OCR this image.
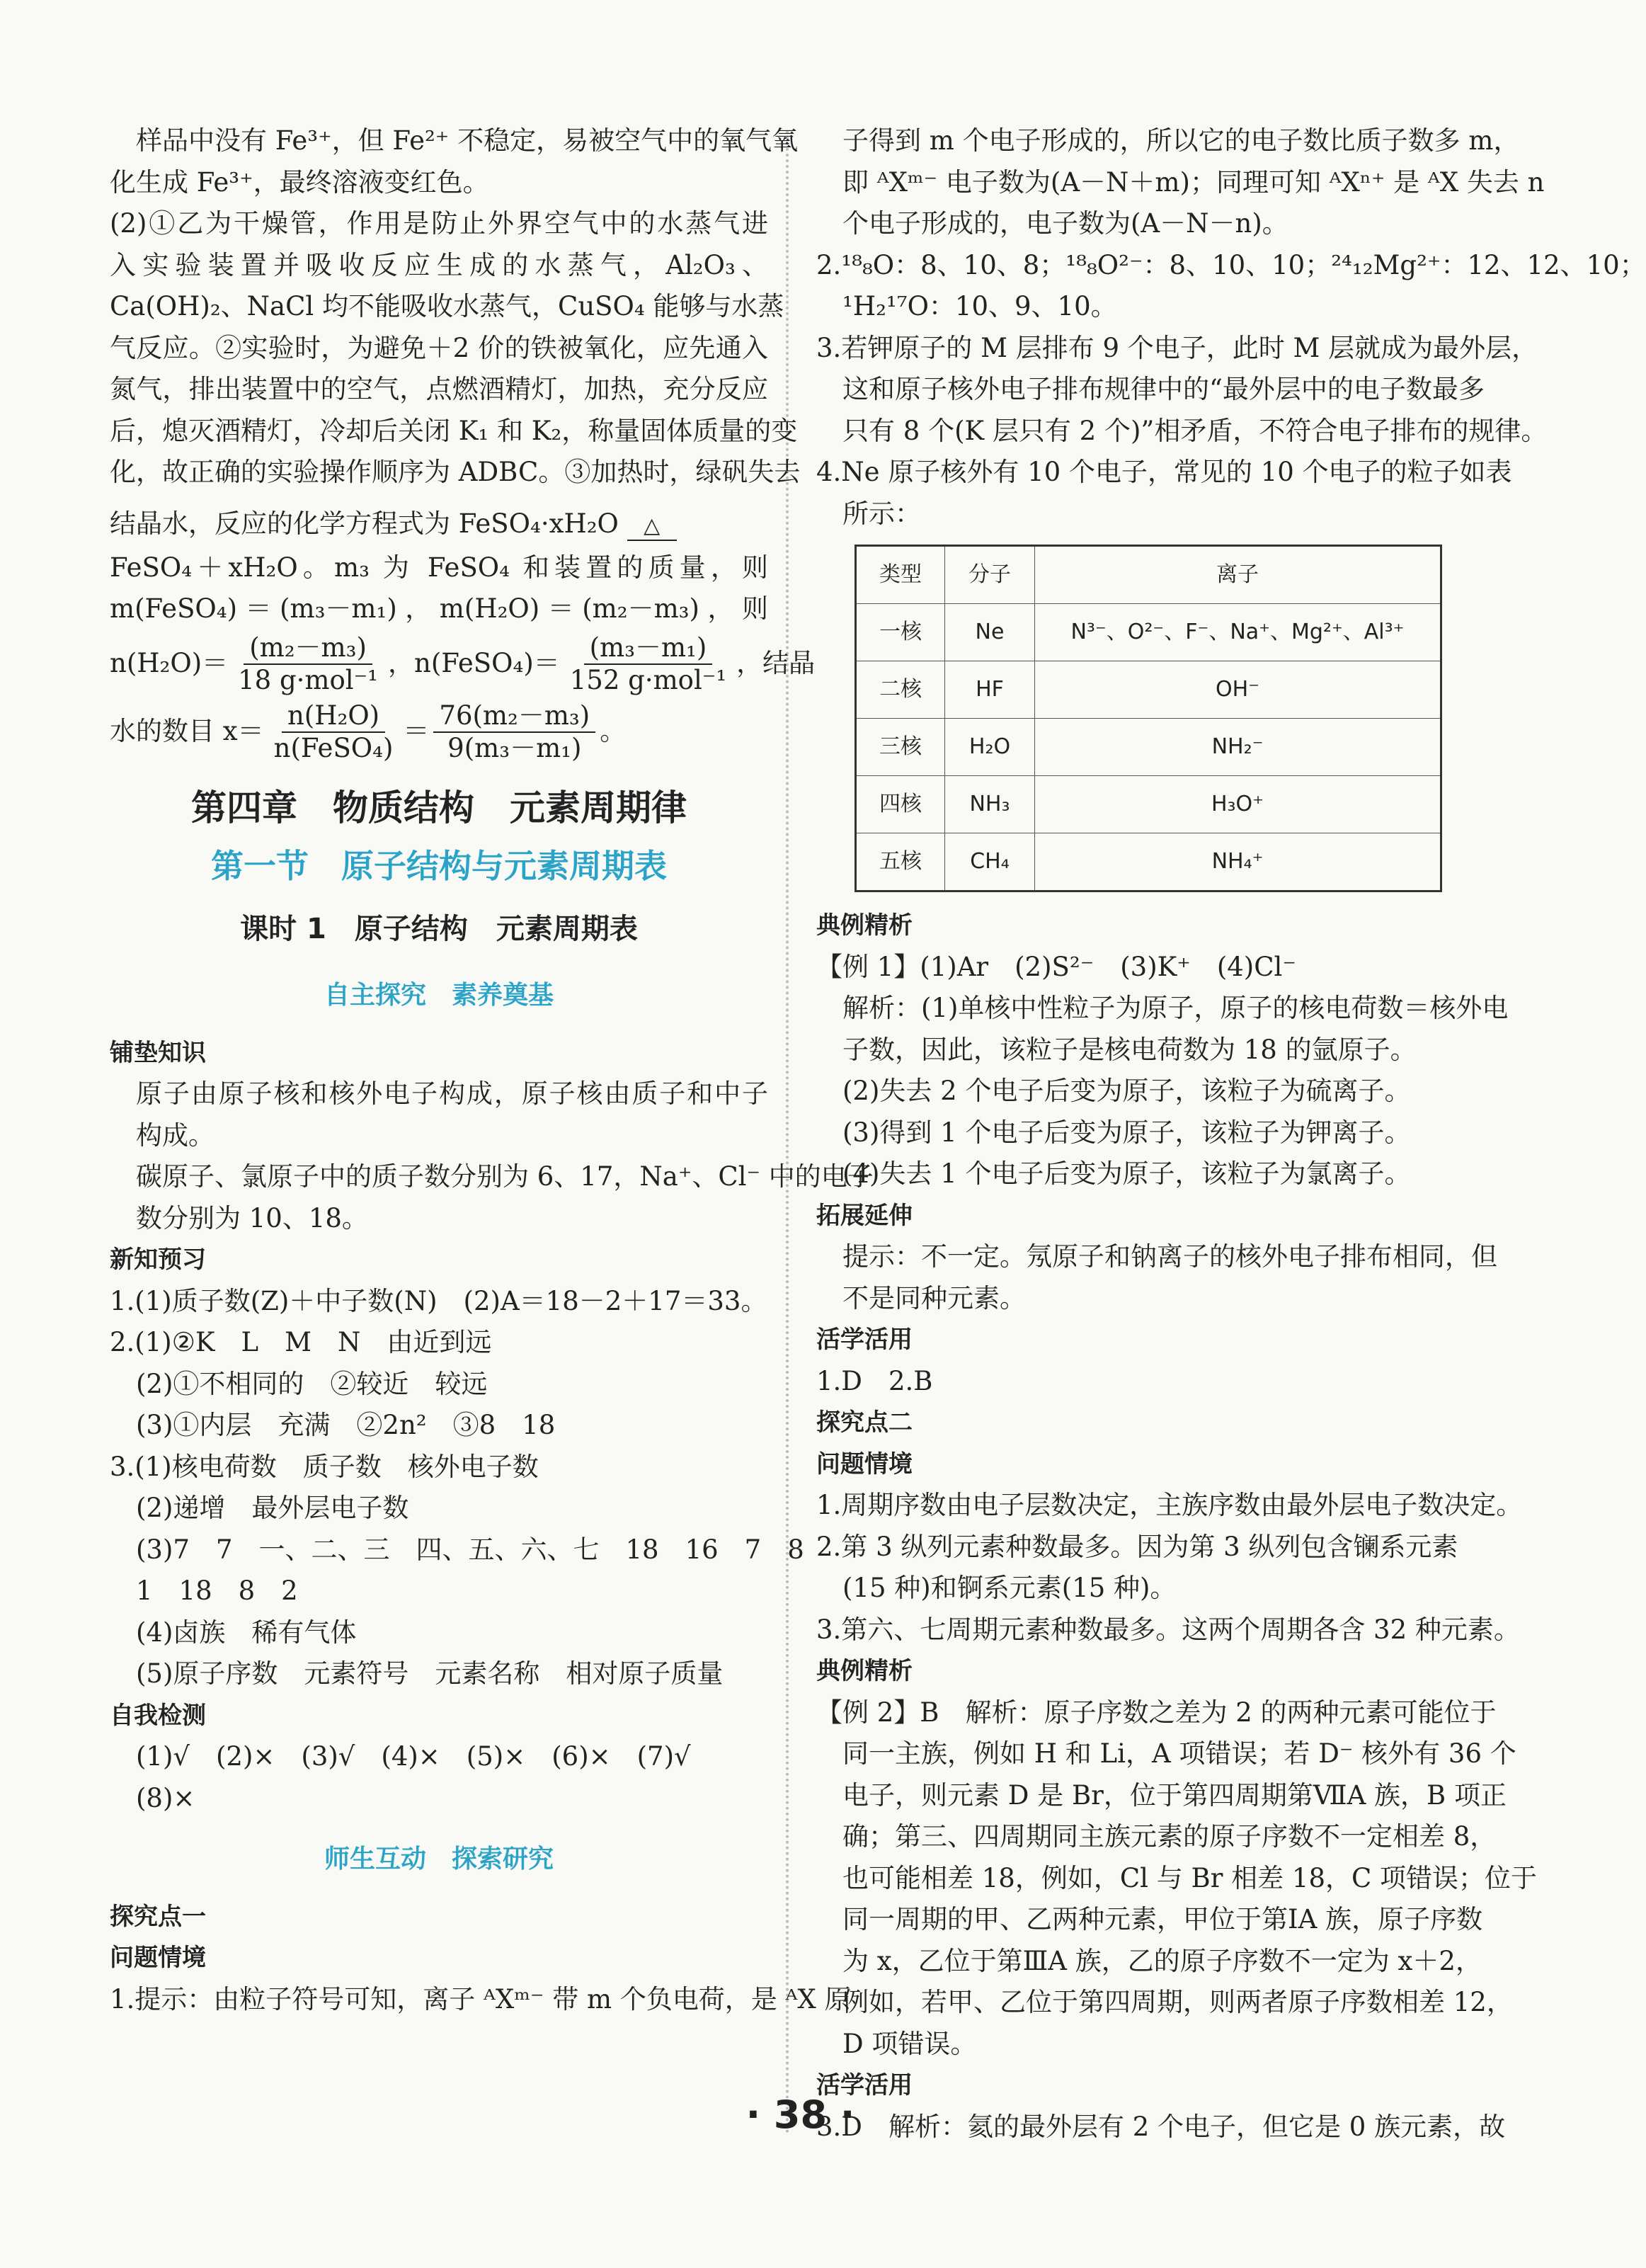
样品中没有 Fe³⁺，但 Fe²⁺ 不稳定，易被空气中的氧气氧
化生成 Fe³⁺，最终溶液变红色。
(2)①乙为干燥管，作用是防止外界空气中的水蒸气进
入实验装置并吸收反应生成的水蒸气，Al₂O₃、
Ca(OH)₂、NaCl 均不能吸收水蒸气，CuSO₄ 能够与水蒸
气反应。②实验时，为避免＋2 价的铁被氧化，应先通入
氮气，排出装置中的空气，点燃酒精灯，加热，充分反应
后，熄灭酒精灯，冷却后关闭 K₁ 和 K₂，称量固体质量的变
化，故正确的实验操作顺序为 ADBC。③加热时，绿矾失去
结晶水，反应的化学方程式为 FeSO₄·xH₂O △
FeSO₄＋xH₂O。m₃ 为 FeSO₄ 和装置的质量，则
m(FeSO₄)＝(m₃－m₁)，m(H₂O)＝(m₂－m₃)，则
$n(H_2O)= \frac{\text{(m₂－m₃)}}{\text{18 g·mol⁻¹}}$ ，n(FeSO₄)＝ $\frac{\text{(m₃－m₁)}}{\text{152 g·mol⁻¹}}$ ，结晶
水的数目 $x= \frac{\text{n(H₂O)}}{\text{n(FeSO₄)}} = \frac{\text{76(m₂－m₃)}}{\text{9(m₃－m₁)}}$ 。
第四章　物质结构　元素周期律
第一节　原子结构与元素周期表
课时 1　原子结构　元素周期表
自主探究　素养奠基
铺垫知识
原子由原子核和核外电子构成，原子核由质子和中子
构成。
碳原子、氯原子中的质子数分别为 6、17，Na⁺、Cl⁻ 中的电子
数分别为 10、18。
新知预习
1.(1)质子数(Z)＋中子数(N)　(2)A＝18－2＋17＝33。
2.(1)②K　L　M　N　由近到远
(2)①不相同的　②较近　较远
(3)①内层　充满　②2n²　③8　18
3.(1)核电荷数　质子数　核外电子数
(2)递增　最外层电子数
(3)7　7　一、二、三　四、五、六、七　18　16　7　8
1　18　8　2
(4)卤族　稀有气体
(5)原子序数　元素符号　元素名称　相对原子质量
自我检测
(1)√　(2)×　(3)√　(4)×　(5)×　(6)×　(7)√
(8)×
师生互动　探索研究
探究点一
问题情境
1.提示：由粒子符号可知，离子 ᴬXᵐ⁻ 带 m 个负电荷，是 ᴬX 原
子得到 m 个电子形成的，所以它的电子数比质子数多 m，
即 ᴬXᵐ⁻ 电子数为(A－N＋m)；同理可知 ᴬXⁿ⁺ 是 ᴬX 失去 n
个电子形成的，电子数为(A－N－n)。
2.¹⁸₈O：8、10、8；¹⁸₈O²⁻：8、10、10；²⁴₁₂Mg²⁺：12、12、10；
¹H₂¹⁷O：10、9、10。
3.若钾原子的 M 层排布 9 个电子，此时 M 层就成为最外层，
这和原子核外电子排布规律中的“最外层中的电子数最多
只有 8 个(K 层只有 2 个)”相矛盾，不符合电子排布的规律。
4.Ne 原子核外有 10 个电子，常见的 10 个电子的粒子如表
所示：
类型	分子	离子
一核	Ne	N³⁻、O²⁻、F⁻、Na⁺、Mg²⁺、Al³⁺
二核	HF	OH⁻
三核	H₂O	NH₂⁻
四核	NH₃	H₃O⁺
五核	CH₄	NH₄⁺
典例精析
【例 1】(1)Ar　(2)S²⁻　(3)K⁺　(4)Cl⁻
解析：(1)单核中性粒子为原子，原子的核电荷数＝核外电
子数，因此，该粒子是核电荷数为 18 的氩原子。
(2)失去 2 个电子后变为原子，该粒子为硫离子。
(3)得到 1 个电子后变为原子，该粒子为钾离子。
(4)失去 1 个电子后变为原子，该粒子为氯离子。
拓展延伸
提示：不一定。氖原子和钠离子的核外电子排布相同，但
不是同种元素。
活学活用
1.D　2.B
探究点二
问题情境
1.周期序数由电子层数决定，主族序数由最外层电子数决定。
2.第 3 纵列元素种数最多。因为第 3 纵列包含镧系元素
(15 种)和锕系元素(15 种)。
3.第六、七周期元素种数最多。这两个周期各含 32 种元素。
典例精析
【例 2】B　解析：原子序数之差为 2 的两种元素可能位于
同一主族，例如 H 和 Li，A 项错误；若 D⁻ 核外有 36 个
电子，则元素 D 是 Br，位于第四周期第ⅦA 族，B 项正
确；第三、四周期同主族元素的原子序数不一定相差 8，
也可能相差 18，例如，Cl 与 Br 相差 18，C 项错误；位于
同一周期的甲、乙两种元素，甲位于第ⅠA 族，原子序数
为 x，乙位于第ⅢA 族，乙的原子序数不一定为 x＋2，
例如，若甲、乙位于第四周期，则两者原子序数相差 12，
D 项错误。
活学活用
3.D　解析：氦的最外层有 2 个电子，但它是 0 族元素，故
· 38 ·
